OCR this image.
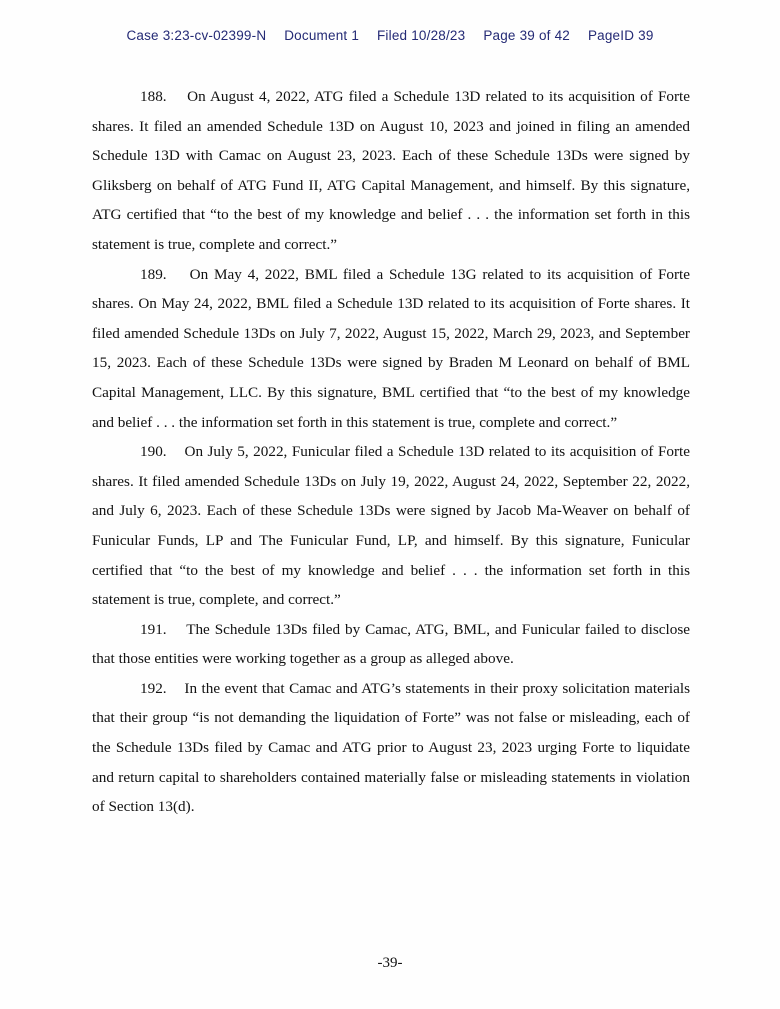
Case 3:23-cv-02399-N Document 1 Filed 10/28/23 Page 39 of 42 PageID 39

188. On August 4, 2022, ATG filed a Schedule 13D related to its acquisition of Forte shares. It filed an amended Schedule 13D on August 10, 2023 and joined in filing an amended Schedule 13D with Camac on August 23, 2023. Each of these Schedule 13Ds were signed by Gliksberg on behalf of ATG Fund II, ATG Capital Management, and himself. By this signature, ATG certified that “to the best of my knowledge and belief . . . the information set forth in this statement is true, complete and correct.”

189. On May 4, 2022, BML filed a Schedule 13G related to its acquisition of Forte shares. On May 24, 2022, BML filed a Schedule 13D related to its acquisition of Forte shares. It filed amended Schedule 13Ds on July 7, 2022, August 15, 2022, March 29, 2023, and September 15, 2023. Each of these Schedule 13Ds were signed by Braden M Leonard on behalf of BML Capital Management, LLC. By this signature, BML certified that “to the best of my knowledge and belief . . . the information set forth in this statement is true, complete and correct.”

190. On July 5, 2022, Funicular filed a Schedule 13D related to its acquisition of Forte shares. It filed amended Schedule 13Ds on July 19, 2022, August 24, 2022, September 22, 2022, and July 6, 2023. Each of these Schedule 13Ds were signed by Jacob Ma-Weaver on behalf of Funicular Funds, LP and The Funicular Fund, LP, and himself. By this signature, Funicular certified that “to the best of my knowledge and belief . . . the information set forth in this statement is true, complete, and correct.”

191. The Schedule 13Ds filed by Camac, ATG, BML, and Funicular failed to disclose that those entities were working together as a group as alleged above.

192. In the event that Camac and ATG’s statements in their proxy solicitation materials that their group “is not demanding the liquidation of Forte” was not false or misleading, each of the Schedule 13Ds filed by Camac and ATG prior to August 23, 2023 urging Forte to liquidate and return capital to shareholders contained materially false or misleading statements in violation of Section 13(d).

-39-
